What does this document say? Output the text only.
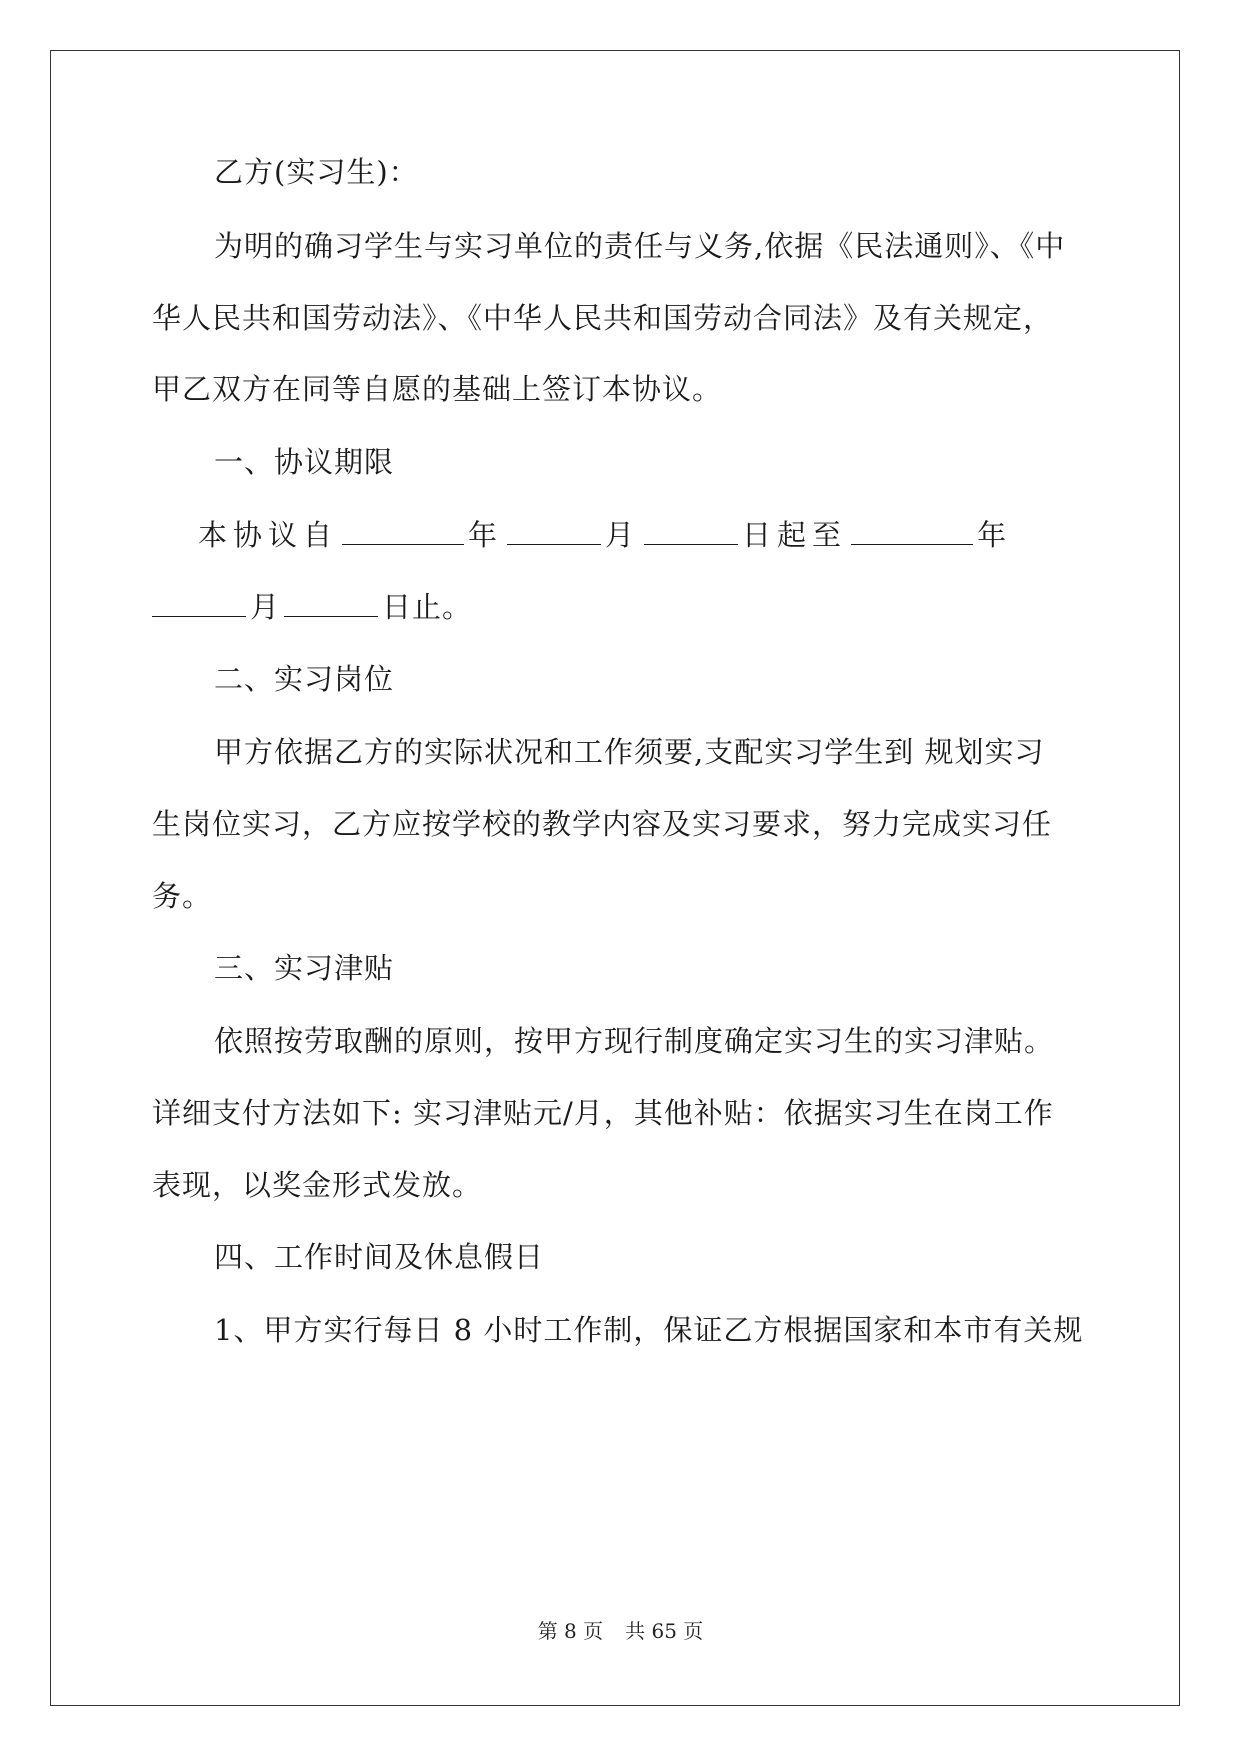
乙方(实习生)：
为明的确习学生与实习单位的责任与义务,依据《民法通则》、《中
华人民共和国劳动法》、《中华人民共和国劳动合同法》及有关规定，
甲乙双方在同等自愿的基础上签订本协议。
一、协议期限
本协议自	年	月	日起至	年
月	日止。
二、实习岗位
甲方依据乙方的实际状况和工作须要,支配实习学生到 规划实习
生岗位实习，乙方应按学校的教学内容及实习要求，努力完成实习任
务。
三、实习津贴
依照按劳取酬的原则，按甲方现行制度确定实习生的实习津贴。
详细支付方法如下: 实习津贴元/月，其他补贴：依据实习生在岗工作
表现，以奖金形式发放。
四、工作时间及休息假日
1、甲方实行每日 8 小时工作制，保证乙方根据国家和本市有关规
第 8 页 共 65 页
